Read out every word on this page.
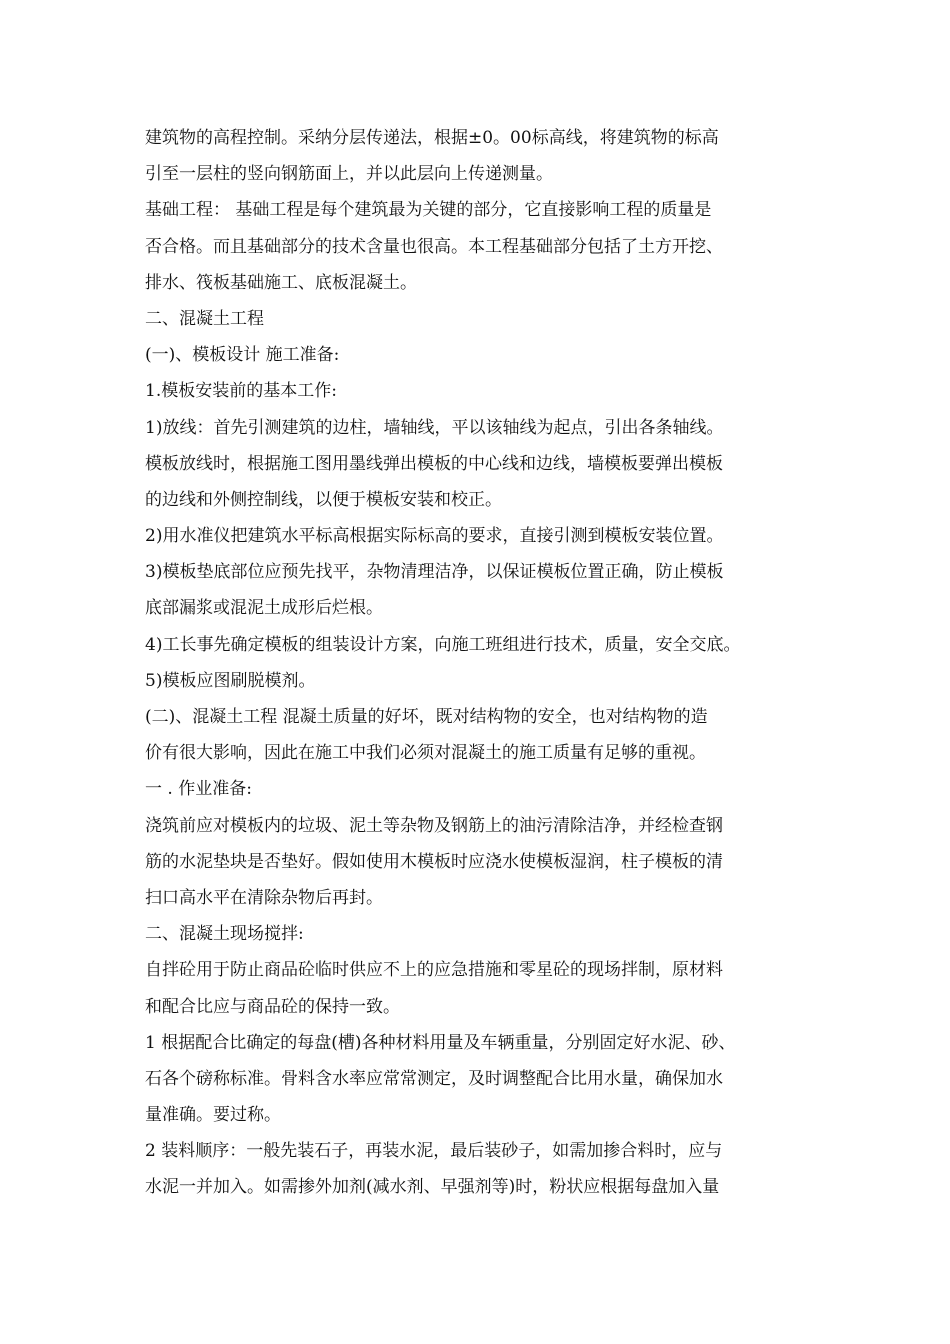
建筑物的高程控制。采纳分层传递法，根据±0。00标高线，将建筑物的标高
引至一层柱的竖向钢筋面上，并以此层向上传递测量。
基础工程： 基础工程是每个建筑最为关键的部分，它直接影响工程的质量是
否合格。而且基础部分的技术含量也很高。本工程基础部分包括了土方开挖、
排水、筏板基础施工、底板混凝土。
二、混凝土工程
(一)、模板设计 施工准备:
1.模板安装前的基本工作:
1)放线：首先引测建筑的边柱，墙轴线，平以该轴线为起点，引出各条轴线。
模板放线时，根据施工图用墨线弹出模板的中心线和边线，墙模板要弹出模板
的边线和外侧控制线，以便于模板安装和校正。
2)用水准仪把建筑水平标高根据实际标高的要求，直接引测到模板安装位置。
3)模板垫底部位应预先找平，杂物清理洁净，以保证模板位置正确，防止模板
底部漏浆或混泥土成形后烂根。
4)工长事先确定模板的组装设计方案，向施工班组进行技术，质量，安全交底。
5)模板应图刷脱模剂。
(二)、混凝土工程 混凝土质量的好坏，既对结构物的安全，也对结构物的造
价有很大影响，因此在施工中我们必须对混凝土的施工质量有足够的重视。
一 . 作业准备:
浇筑前应对模板内的垃圾、泥土等杂物及钢筋上的油污清除洁净，并经检查钢
筋的水泥垫块是否垫好。假如使用木模板时应浇水使模板湿润，柱子模板的清
扫口高水平在清除杂物后再封。
二、混凝土现场搅拌:
自拌砼用于防止商品砼临时供应不上的应急措施和零星砼的现场拌制，原材料
和配合比应与商品砼的保持一致。
1 根据配合比确定的每盘(槽)各种材料用量及车辆重量，分别固定好水泥、砂、
石各个磅称标准。骨料含水率应常常测定，及时调整配合比用水量，确保加水
量准确。要过称。
2 装料顺序：一般先装石子，再装水泥，最后装砂子，如需加掺合料时，应与
水泥一并加入。如需掺外加剂(减水剂、早强剂等)时，粉状应根据每盘加入量
